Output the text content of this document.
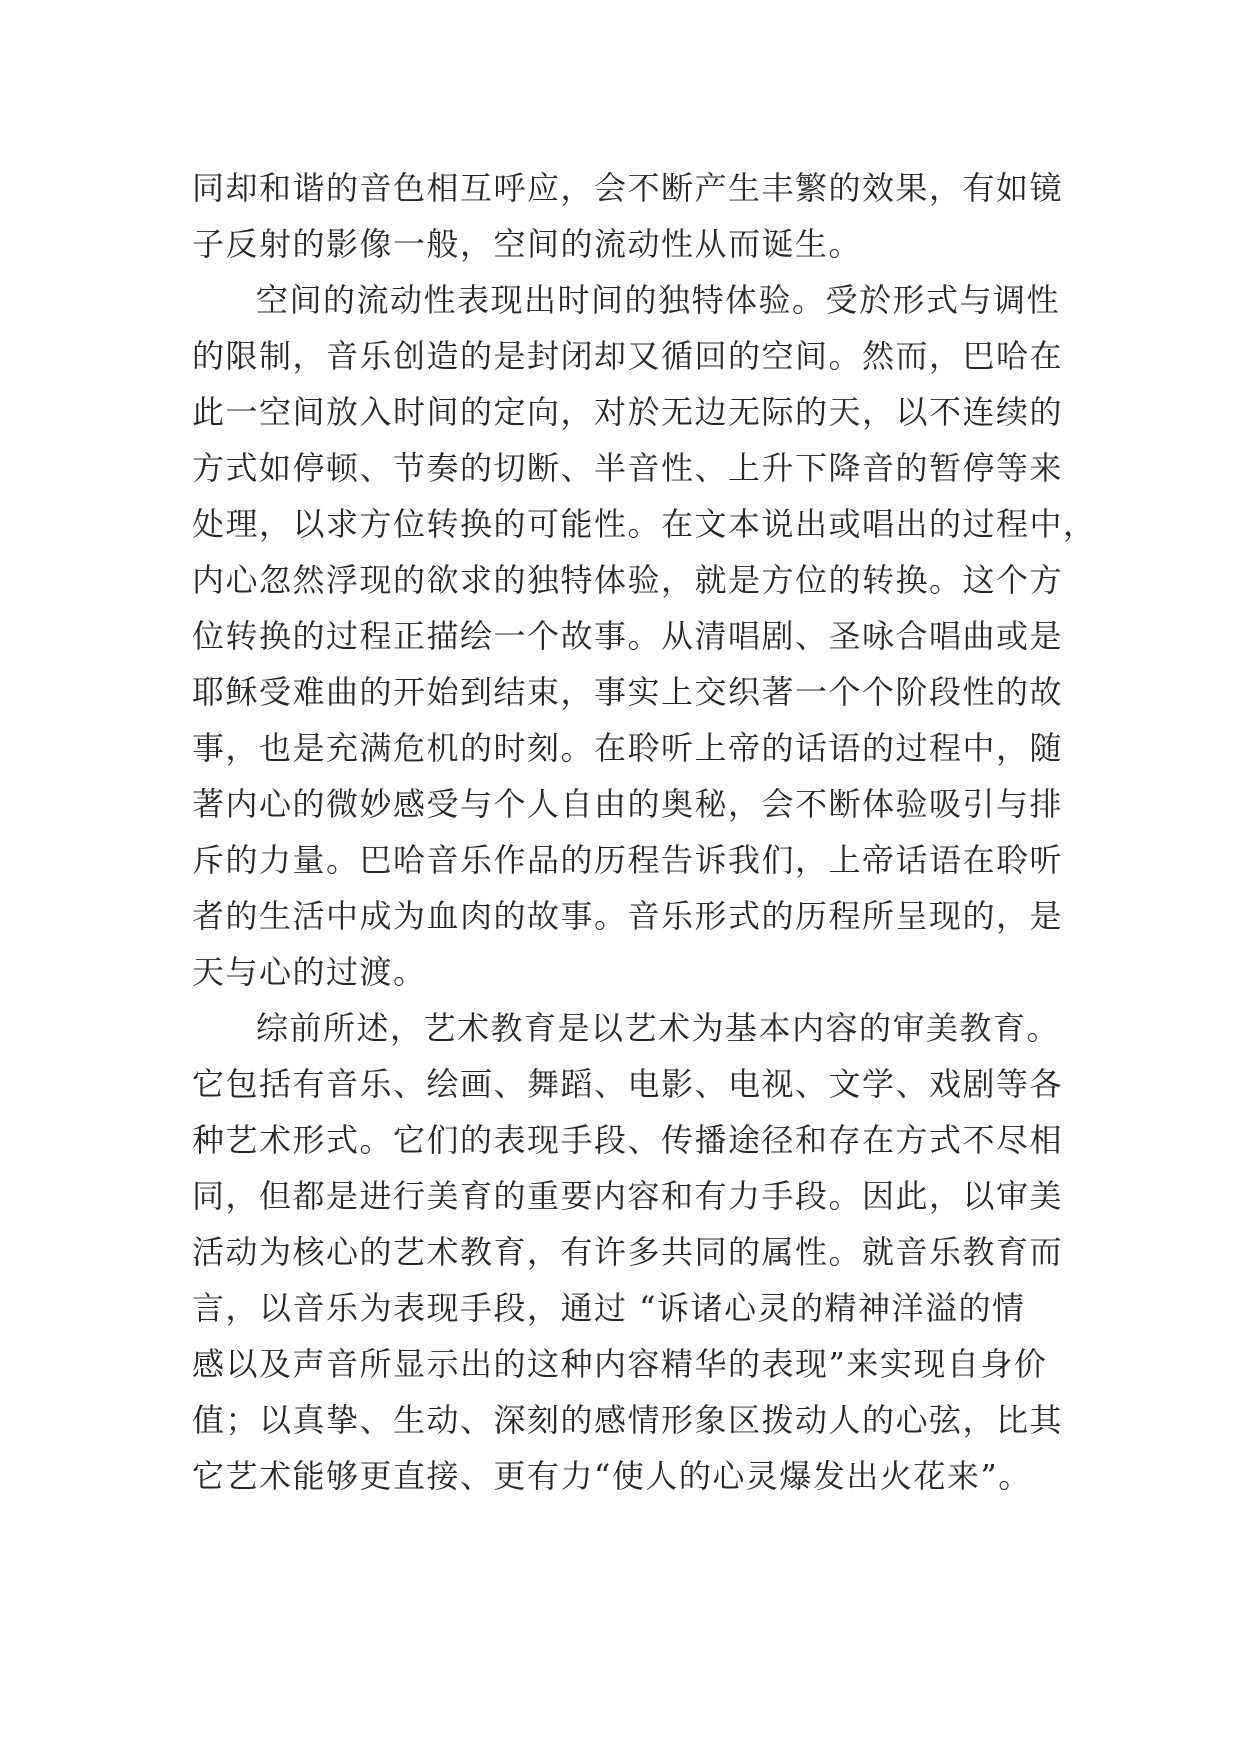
同却和谐的音色相互呼应，会不断产生丰繁的效果，有如镜
子反射的影像一般，空间的流动性从而诞生。
空间的流动性表现出时间的独特体验。受於形式与调性
的限制，音乐创造的是封闭却又循回的空间。然而，巴哈在
此一空间放入时间的定向，对於无边无际的天，以不连续的
方式如停顿、节奏的切断、半音性、上升下降音的暂停等来
处理，以求方位转换的可能性。在文本说出或唱出的过程中，
内心忽然浮现的欲求的独特体验，就是方位的转换。这个方
位转换的过程正描绘一个故事。从清唱剧、圣咏合唱曲或是
耶稣受难曲的开始到结束，事实上交织著一个个阶段性的故
事，也是充满危机的时刻。在聆听上帝的话语的过程中，随
著内心的微妙感受与个人自由的奥秘，会不断体验吸引与排
斥的力量。巴哈音乐作品的历程告诉我们，上帝话语在聆听
者的生活中成为血肉的故事。音乐形式的历程所呈现的，是
天与心的过渡。
综前所述，艺术教育是以艺术为基本内容的审美教育。
它包括有音乐、绘画、舞蹈、电影、电视、文学、戏剧等各
种艺术形式。它们的表现手段、传播途径和存在方式不尽相
同，但都是进行美育的重要内容和有力手段。因此，以审美
活动为核心的艺术教育，有许多共同的属性。就音乐教育而
言，以音乐为表现手段，通过 “诉诸心灵的精神洋溢的情
感以及声音所显示出的这种内容精华的表现”来实现自身价
值；以真挚、生动、深刻的感情形象区拨动人的心弦，比其
它艺术能够更直接、更有力“使人的心灵爆发出火花来”。
